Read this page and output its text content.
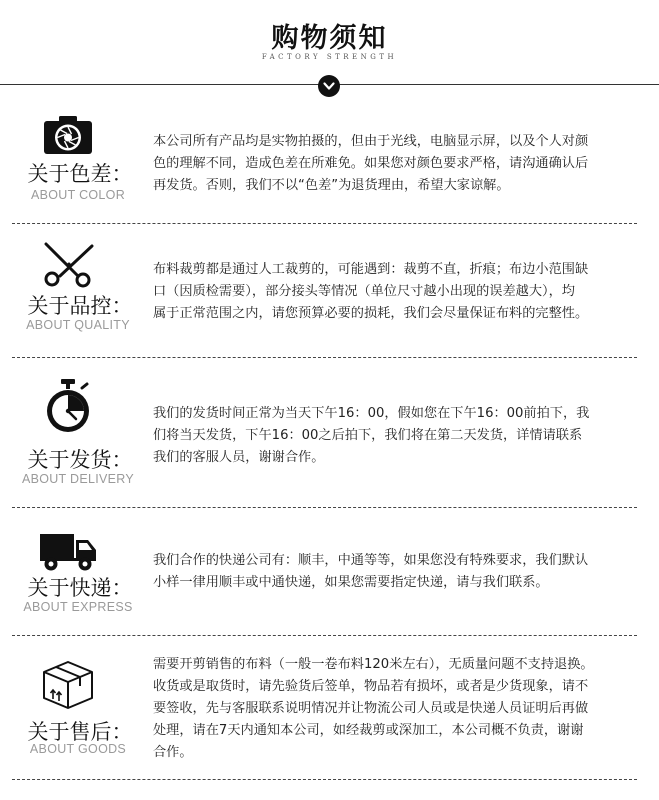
购物须知
FACTORY STRENGTH
关于色差：
ABOUT COLOR
本公司所有产品均是实物拍摄的，但由于光线，电脑显示屏，以及个人对颜
色的理解不同，造成色差在所难免。如果您对颜色要求严格，请沟通确认后
再发货。否则，我们不以“色差”为退货理由，希望大家谅解。
关于品控：
ABOUT QUALITY
布料裁剪都是通过人工裁剪的，可能遇到：裁剪不直，折痕；布边小范围缺
口（因质检需要），部分接头等情况（单位尺寸越小出现的误差越大），均
属于正常范围之内，请您预算必要的损耗，我们会尽量保证布料的完整性。
关于发货：
ABOUT DELIVERY
我们的发货时间正常为当天下午16：00，假如您在下午16：00前拍下，我
们将当天发货，下午16：00之后拍下，我们将在第二天发货，详情请联系
我们的客服人员，谢谢合作。
关于快递：
ABOUT EXPRESS
我们合作的快递公司有：顺丰，中通等等，如果您没有特殊要求，我们默认
小样一律用顺丰或中通快递，如果您需要指定快递，请与我们联系。
关于售后：
ABOUT GOODS
需要开剪销售的布料（一般一卷布料120米左右），无质量问题不支持退换。
收货或是取货时，请先验货后签单，物品若有损坏，或者是少货现象，请不
要签收，先与客服联系说明情况并让物流公司人员或是快递人员证明后再做
处理，请在7天内通知本公司，如经裁剪或深加工，本公司概不负责，谢谢
合作。
